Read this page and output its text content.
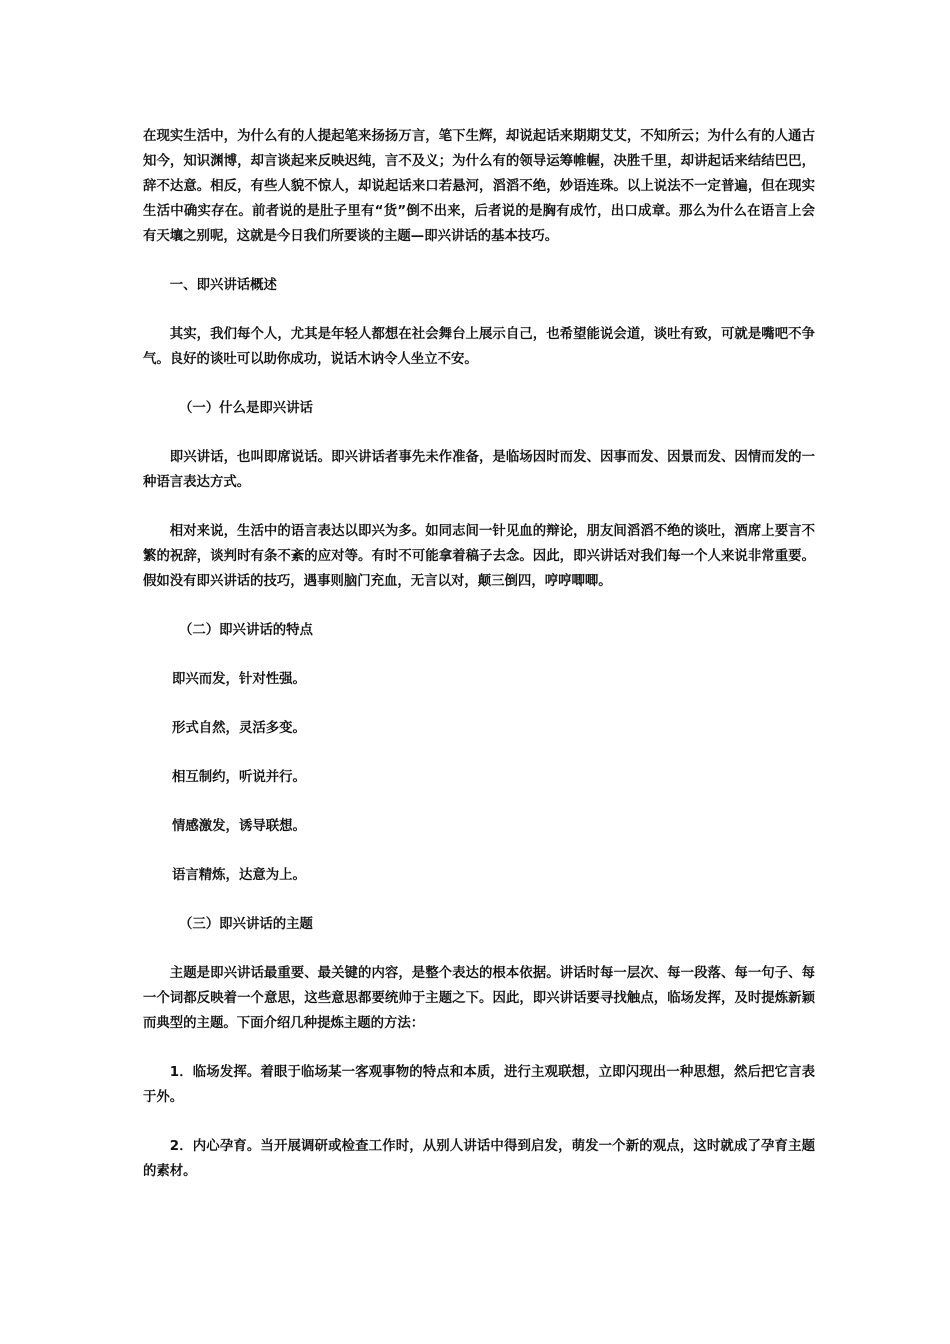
在现实生活中，为什么有的人提起笔来扬扬万言，笔下生辉，却说起话来期期艾艾，不知所云；为什么有的人通古知今，知识渊博，却言谈起来反映迟纯，言不及义；为什么有的领导运筹帷幄，决胜千里，却讲起话来结结巴巴，辞不达意。相反，有些人貌不惊人，却说起话来口若悬河，滔滔不绝，妙语连珠。以上说法不一定普遍，但在现实生活中确实存在。前者说的是肚子里有“货”倒不出来，后者说的是胸有成竹，出口成章。那么为什么在语言上会有天壤之别呢，这就是今日我们所要谈的主题—即兴讲话的基本技巧。

一、即兴讲话概述

其实，我们每个人，尤其是年轻人都想在社会舞台上展示自己，也希望能说会道，谈吐有致，可就是嘴吧不争气。良好的谈吐可以助你成功，说话木讷令人坐立不安。

（一）什么是即兴讲话

即兴讲话，也叫即席说话。即兴讲话者事先未作准备，是临场因时而发、因事而发、因景而发、因情而发的一种语言表达方式。

相对来说，生活中的语言表达以即兴为多。如同志间一针见血的辩论，朋友间滔滔不绝的谈吐，酒席上要言不繁的祝辞，谈判时有条不紊的应对等。有时不可能拿着稿子去念。因此，即兴讲话对我们每一个人来说非常重要。假如没有即兴讲话的技巧，遇事则脑门充血，无言以对，颠三倒四，哼哼唧唧。

（二）即兴讲话的特点

即兴而发，针对性强。

形式自然，灵活多变。

相互制约，听说并行。

情感激发，诱导联想。

语言精炼，达意为上。

（三）即兴讲话的主题

主题是即兴讲话最重要、最关键的内容，是整个表达的根本依据。讲话时每一层次、每一段落、每一句子、每一个词都反映着一个意思，这些意思都要统帅于主题之下。因此，即兴讲话要寻找触点，临场发挥，及时提炼新颖而典型的主题。下面介绍几种提炼主题的方法：

1．临场发挥。着眼于临场某一客观事物的特点和本质，进行主观联想，立即闪现出一种思想，然后把它言表于外。

2．内心孕育。当开展调研或检查工作时，从别人讲话中得到启发，萌发一个新的观点，这时就成了孕育主题的素材。
